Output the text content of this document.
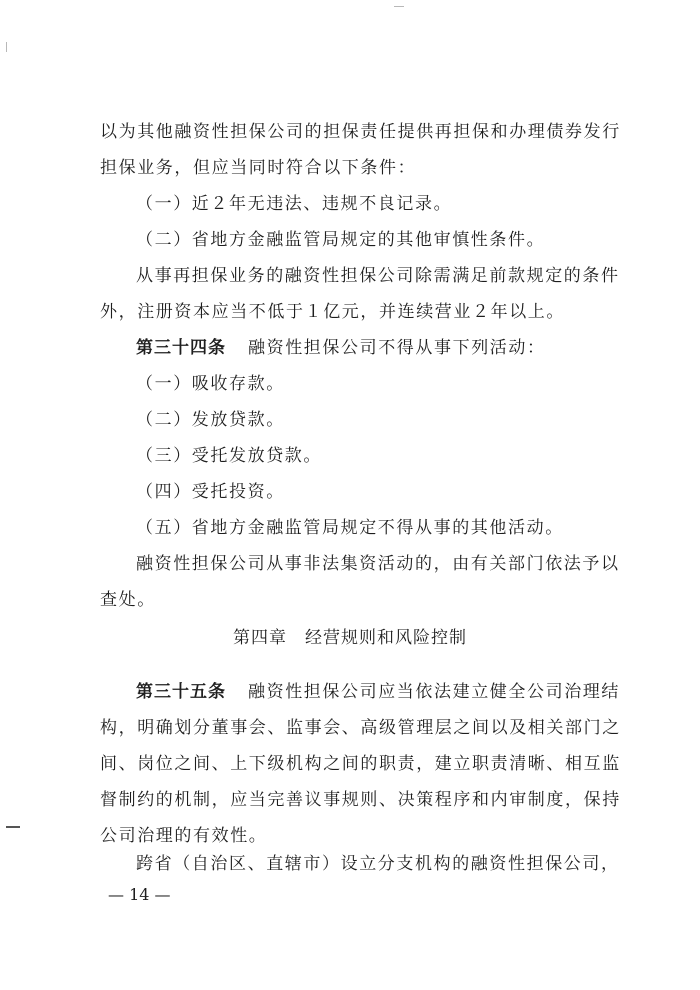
以为其他融资性担保公司的担保责任提供再担保和办理债券发行
担保业务，但应当同时符合以下条件：
（一）近２年无违法、违规不良记录。
（二）省地方金融监管局规定的其他审慎性条件。
从事再担保业务的融资性担保公司除需满足前款规定的条件
外，注册资本应当不低于１亿元，并连续营业２年以上。
第三十四条 融资性担保公司不得从事下列活动：
（一）吸收存款。
（二）发放贷款。
（三）受托发放贷款。
（四）受托投资。
（五）省地方金融监管局规定不得从事的其他活动。
融资性担保公司从事非法集资活动的，由有关部门依法予以
查处。
第四章 经营规则和风险控制
第三十五条 融资性担保公司应当依法建立健全公司治理结
构，明确划分董事会、监事会、高级管理层之间以及相关部门之
间、岗位之间、上下级机构之间的职责，建立职责清晰、相互监
督制约的机制，应当完善议事规则、决策程序和内审制度，保持
公司治理的有效性。
跨省（自治区、直辖市）设立分支机构的融资性担保公司，
— 14 —
